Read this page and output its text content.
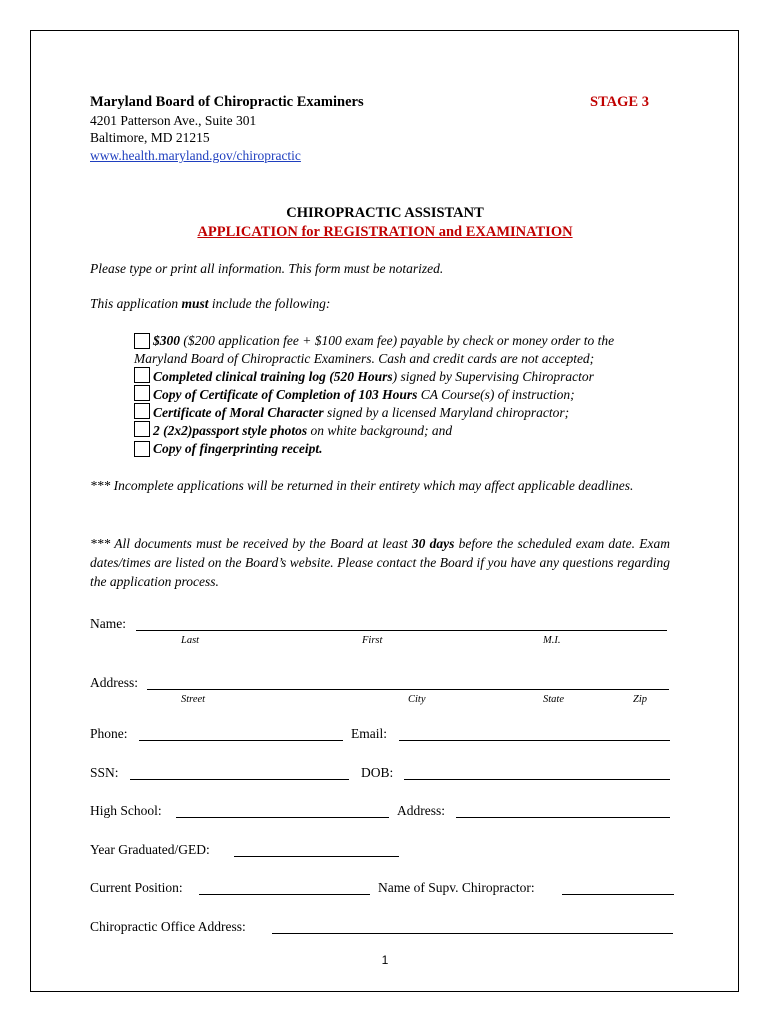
Maryland Board of Chiropractic Examiners	STAGE 3
4201 Patterson Ave., Suite 301
Baltimore, MD 21215
www.health.maryland.gov/chiropractic
CHIROPRACTIC ASSISTANT
APPLICATION for REGISTRATION and EXAMINATION
Please type or print all information. This form must be notarized.
This application must include the following:
$300 ($200 application fee + $100 exam fee) payable by check or money order to the
Maryland Board of Chiropractic Examiners. Cash and credit cards are not accepted;
Completed clinical training log (520 Hours) signed by Supervising Chiropractor
Copy of Certificate of Completion of 103 Hours CA Course(s) of instruction;
Certificate of Moral Character signed by a licensed Maryland chiropractor;
2 (2x2)passport style photos on white background; and
Copy of fingerprinting receipt.
*** Incomplete applications will be returned in their entirety which may affect applicable deadlines.
*** All documents must be received by the Board at least 30 days before the scheduled exam date. Exam dates/times are listed on the Board’s website. Please contact the Board if you have any questions regarding the application process.
Name:
Last	First	M.I.
Address:
Street	City	State	Zip
Phone:	Email:
SSN:	DOB:
High School:	Address:
Year Graduated/GED:
Current Position:	Name of Supv. Chiropractor:
Chiropractic Office Address:
1
